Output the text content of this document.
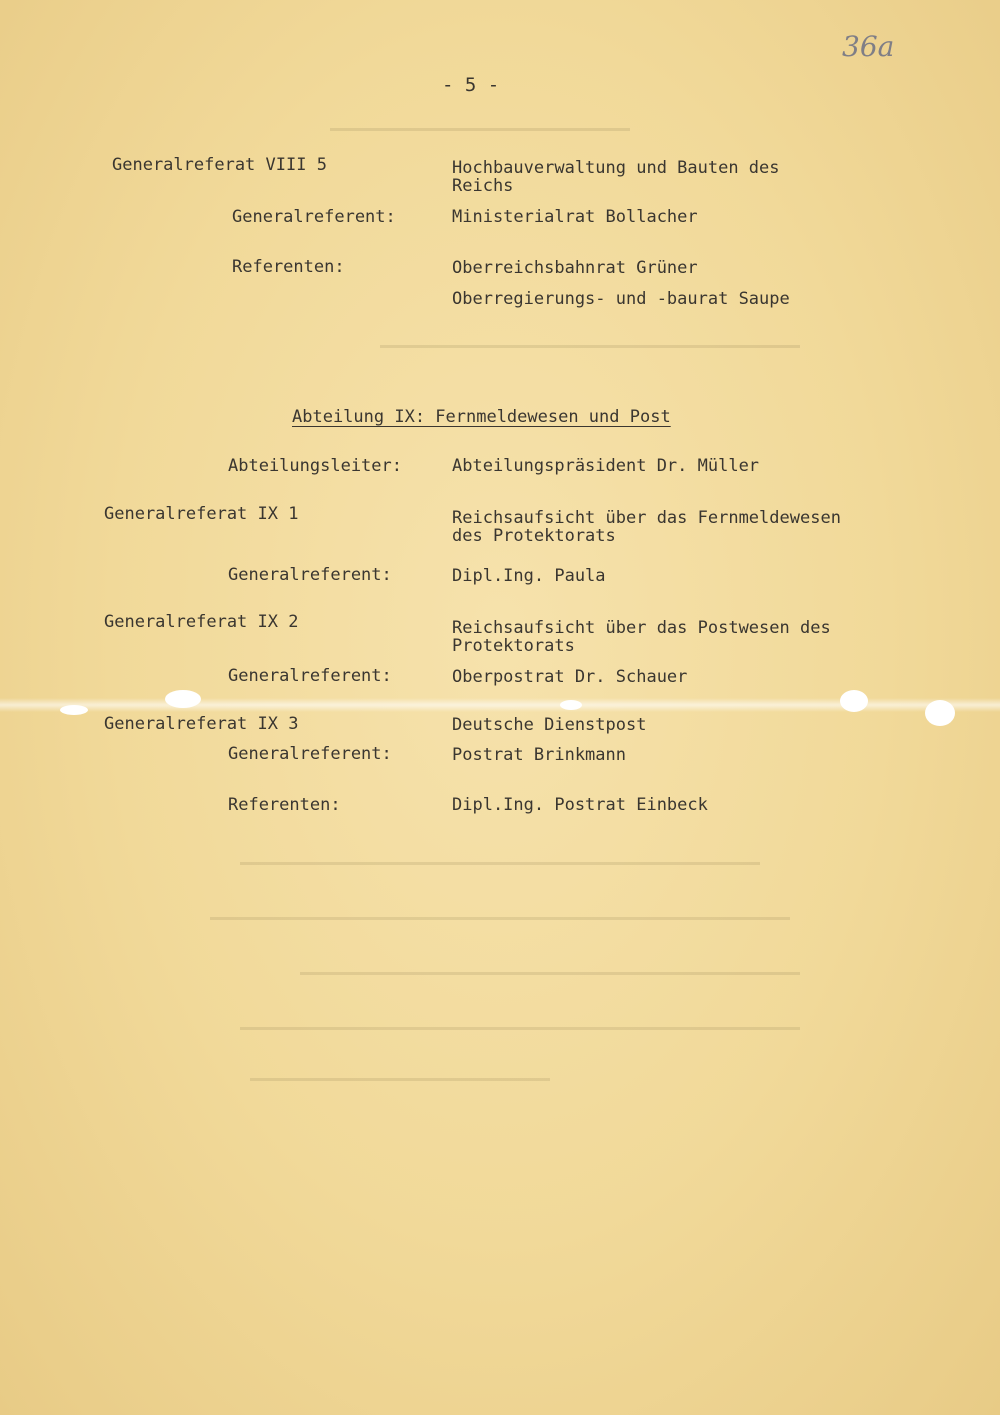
36a
- 5 -
Generalreferat VIII 5	Hochbauverwaltung und Bauten des
Reichs
Generalreferent:	Ministerialrat Bollacher
Referenten:	Oberreichsbahnrat Grüner
Oberregierungs- und -baurat Saupe
Abteilung IX: Fernmeldewesen und Post
Abteilungsleiter:	Abteilungspräsident Dr. Müller
Generalreferat IX 1	Reichsaufsicht über das Fernmeldewesen
des Protektorats
Generalreferent:	Dipl.Ing. Paula
Generalreferat IX 2	Reichsaufsicht über das Postwesen des
Protektorats
Generalreferent:	Oberpostrat Dr. Schauer
Generalreferat IX 3	Deutsche Dienstpost
Generalreferent:	Postrat Brinkmann
Referenten:	Dipl.Ing. Postrat Einbeck
